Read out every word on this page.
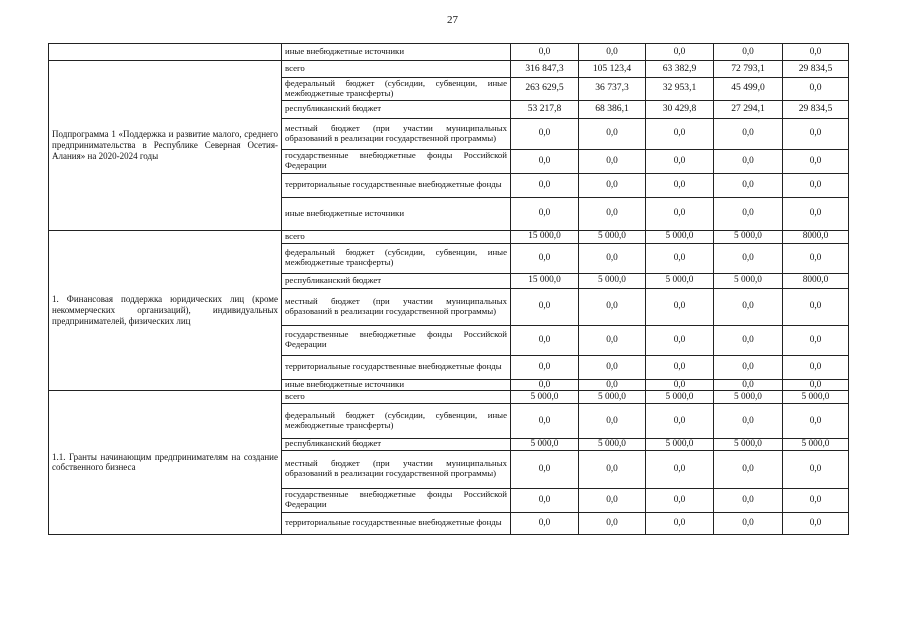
27
	иные внебюджетные источники	0,0	0,0	0,0	0,0	0,0
Подпрограмма 1 «Поддержка и развитие малого, среднего предпринимательства в Республике Северная Осетия-Алания» на 2020-2024 годы	всего	316 847,3	105 123,4	63 382,9	72 793,1	29 834,5
	федеральный бюджет (субсидии, субвенции, иные межбюджетные трансферты)	263 629,5	36 737,3	32 953,1	45 499,0	0,0
	республиканский бюджет	53 217,8	68 386,1	30 429,8	27 294,1	29 834,5
	местный бюджет (при участии муниципальных образований в реализации государственной программы)	0,0	0,0	0,0	0,0	0,0
	государственные внебюджетные фонды Российской Федерации	0,0	0,0	0,0	0,0	0,0
	территориальные государственные внебюджетные фонды	0,0	0,0	0,0	0,0	0,0
	иные внебюджетные источники	0,0	0,0	0,0	0,0	0,0
1. Финансовая поддержка юридических лиц (кроме некоммерческих организаций), индивидуальных предпринимателей, физических лиц	всего	15 000,0	5 000,0	5 000,0	5 000,0	8000,0
	федеральный бюджет (субсидии, субвенции, иные межбюджетные трансферты)	0,0	0,0	0,0	0,0	0,0
	республиканский бюджет	15 000,0	5 000,0	5 000,0	5 000,0	8000,0
	местный бюджет (при участии муниципальных образований в реализации государственной программы)	0,0	0,0	0,0	0,0	0,0
	государственные внебюджетные фонды Российской Федерации	0,0	0,0	0,0	0,0	0,0
	территориальные государственные внебюджетные фонды	0,0	0,0	0,0	0,0	0,0
	иные внебюджетные источники	0,0	0,0	0,0	0,0	0,0
1.1. Гранты начинающим предпринимателям на создание собственного бизнеса	всего	5 000,0	5 000,0	5 000,0	5 000,0	5 000,0
	федеральный бюджет (субсидии, субвенции, иные межбюджетные трансферты)	0,0	0,0	0,0	0,0	0,0
	республиканский бюджет	5 000,0	5 000,0	5 000,0	5 000,0	5 000,0
	местный бюджет (при участии муниципальных образований в реализации государственной программы)	0,0	0,0	0,0	0,0	0,0
	государственные внебюджетные фонды Российской Федерации	0,0	0,0	0,0	0,0	0,0
	территориальные государственные внебюджетные фонды	0,0	0,0	0,0	0,0	0,0
